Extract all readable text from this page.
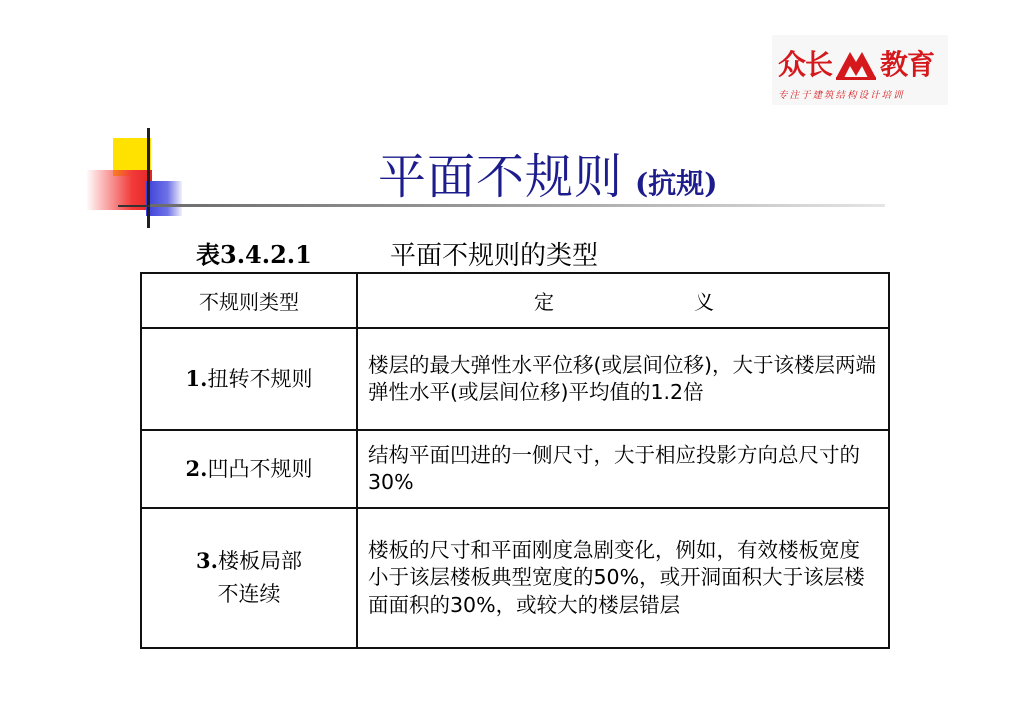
众长 教育
专注于建筑结构设计培训
平面不规则 (抗规)
表3.4.2.1	平面不规则的类型
不规则类型	定 义

1.扭转不规则	楼层的最大弹性水平位移(或层间位移)，大于该楼层两端弹性水平(或层间位移)平均值的1.2倍
2.凹凸不规则	结构平面凹进的一侧尺寸，大于相应投影方向总尺寸的30%
3.楼板局部
不连续	楼板的尺寸和平面刚度急剧变化，例如，有效楼板宽度小于该层楼板典型宽度的50%，或开洞面积大于该层楼面面积的30%，或较大的楼层错层
